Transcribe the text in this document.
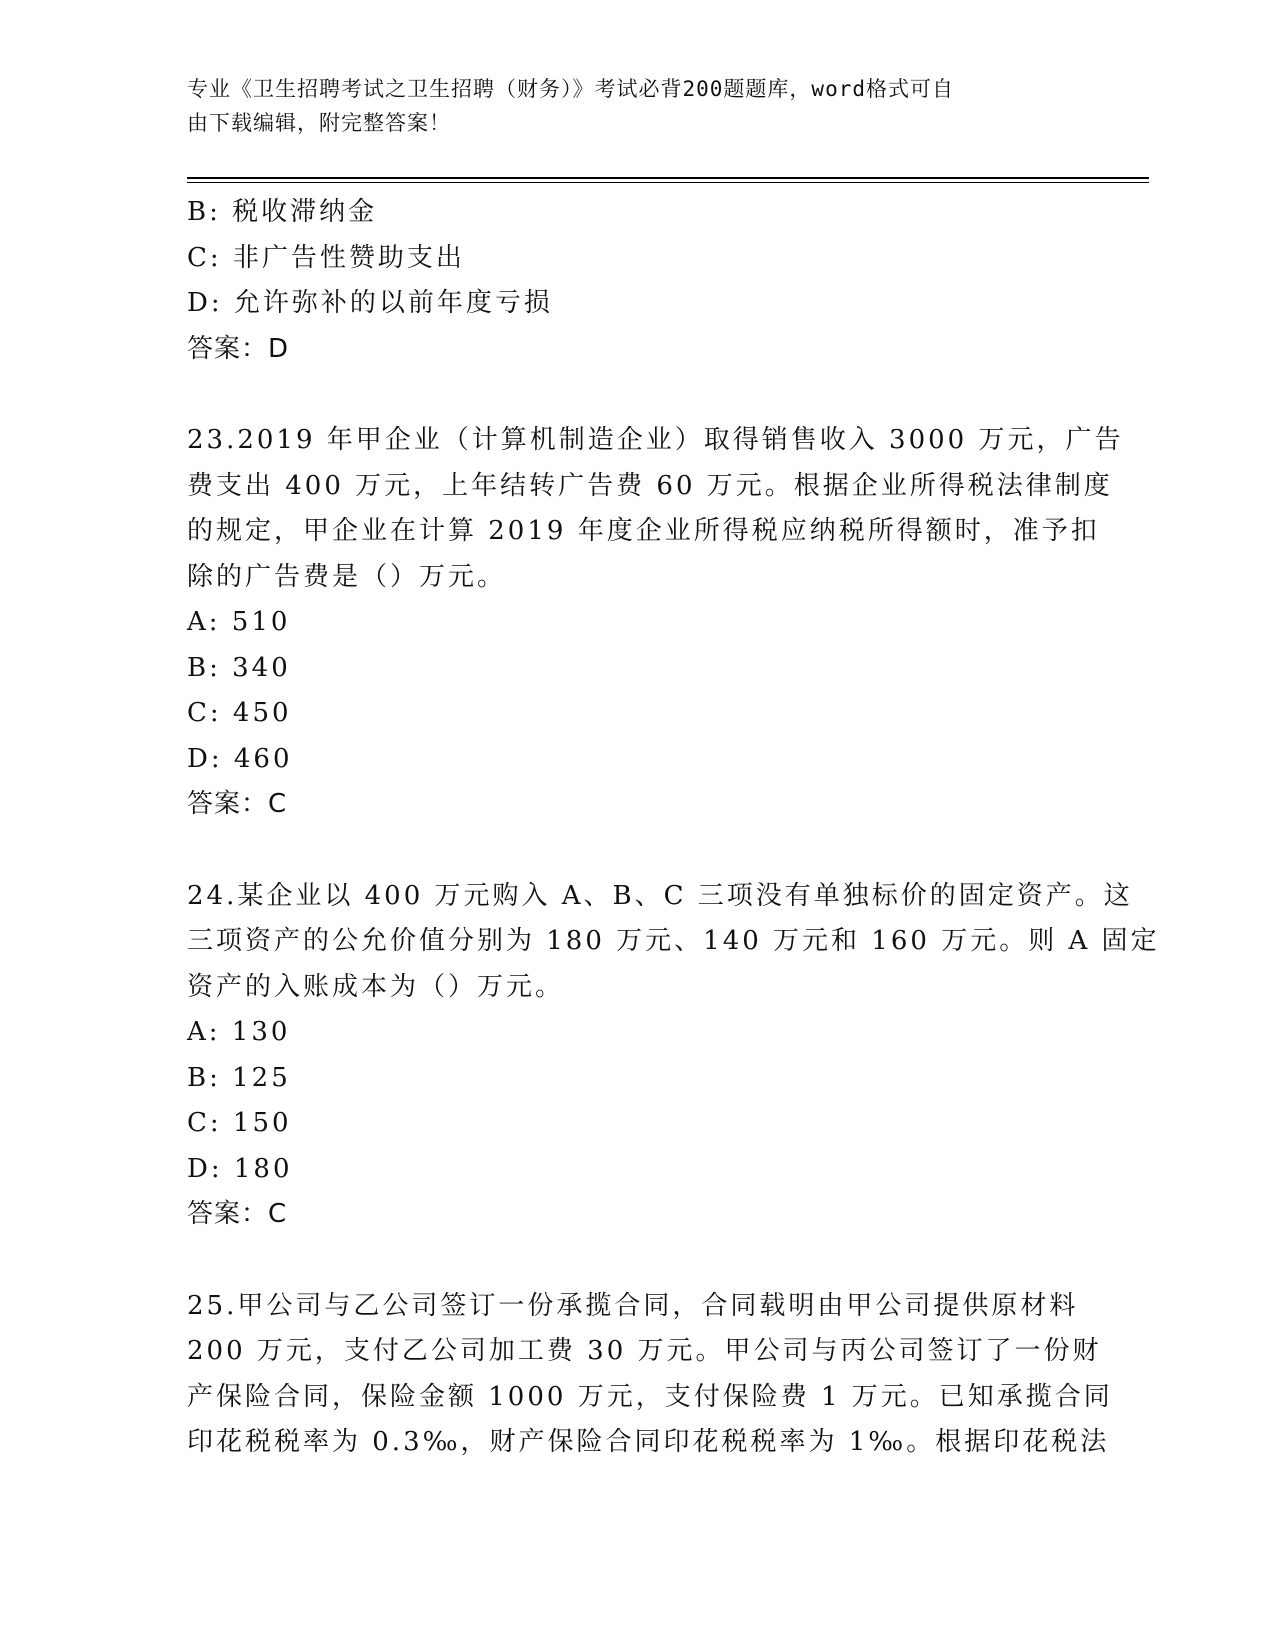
专业《卫生招聘考试之卫生招聘（财务）》考试必背200题题库，word格式可自
由下载编辑，附完整答案！
B: 税收滞纳金
C: 非广告性赞助支出
D: 允许弥补的以前年度亏损
答案：D
23.2019 年甲企业（计算机制造企业）取得销售收入 3000 万元，广告
费支出 400 万元，上年结转广告费 60 万元。根据企业所得税法律制度
的规定，甲企业在计算 2019 年度企业所得税应纳税所得额时，准予扣
除的广告费是（）万元。
A: 510
B: 340
C: 450
D: 460
答案：C
24.某企业以 400 万元购入 A、B、C 三项没有单独标价的固定资产。这
三项资产的公允价值分别为 180 万元、140 万元和 160 万元。则 A 固定
资产的入账成本为（）万元。
A: 130
B: 125
C: 150
D: 180
答案：C
25.甲公司与乙公司签订一份承揽合同，合同载明由甲公司提供原材料
200 万元，支付乙公司加工费 30 万元。甲公司与丙公司签订了一份财
产保险合同，保险金额 1000 万元，支付保险费 1 万元。已知承揽合同
印花税税率为 0.3‰，财产保险合同印花税税率为 1‰。根据印花税法
